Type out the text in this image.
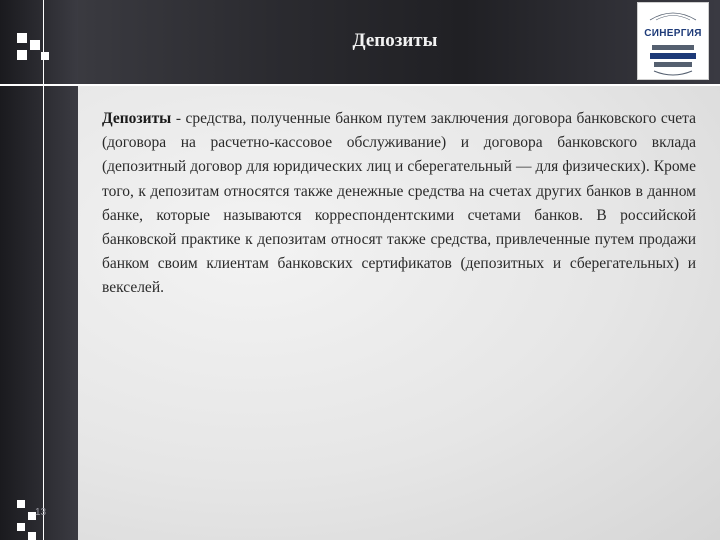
Депозиты	СИНЕРГИЯ

Депозиты - средства, полученные банком путем заключения договора банковского счета (договора на расчетно-кассовое обслуживание) и договора банковского вклада (депозитный договор для юридических лиц и сберегательный — для физических). Кроме того, к депозитам относятся также денежные средства на счетах других банков в данном банке, которые называются корреспондентскими счетами банков. В российской банковской практике к депозитам относят также средства, привлеченные путем продажи банком своим клиентам банковских сертификатов (депозитных и сберегательных) и векселей.

13
